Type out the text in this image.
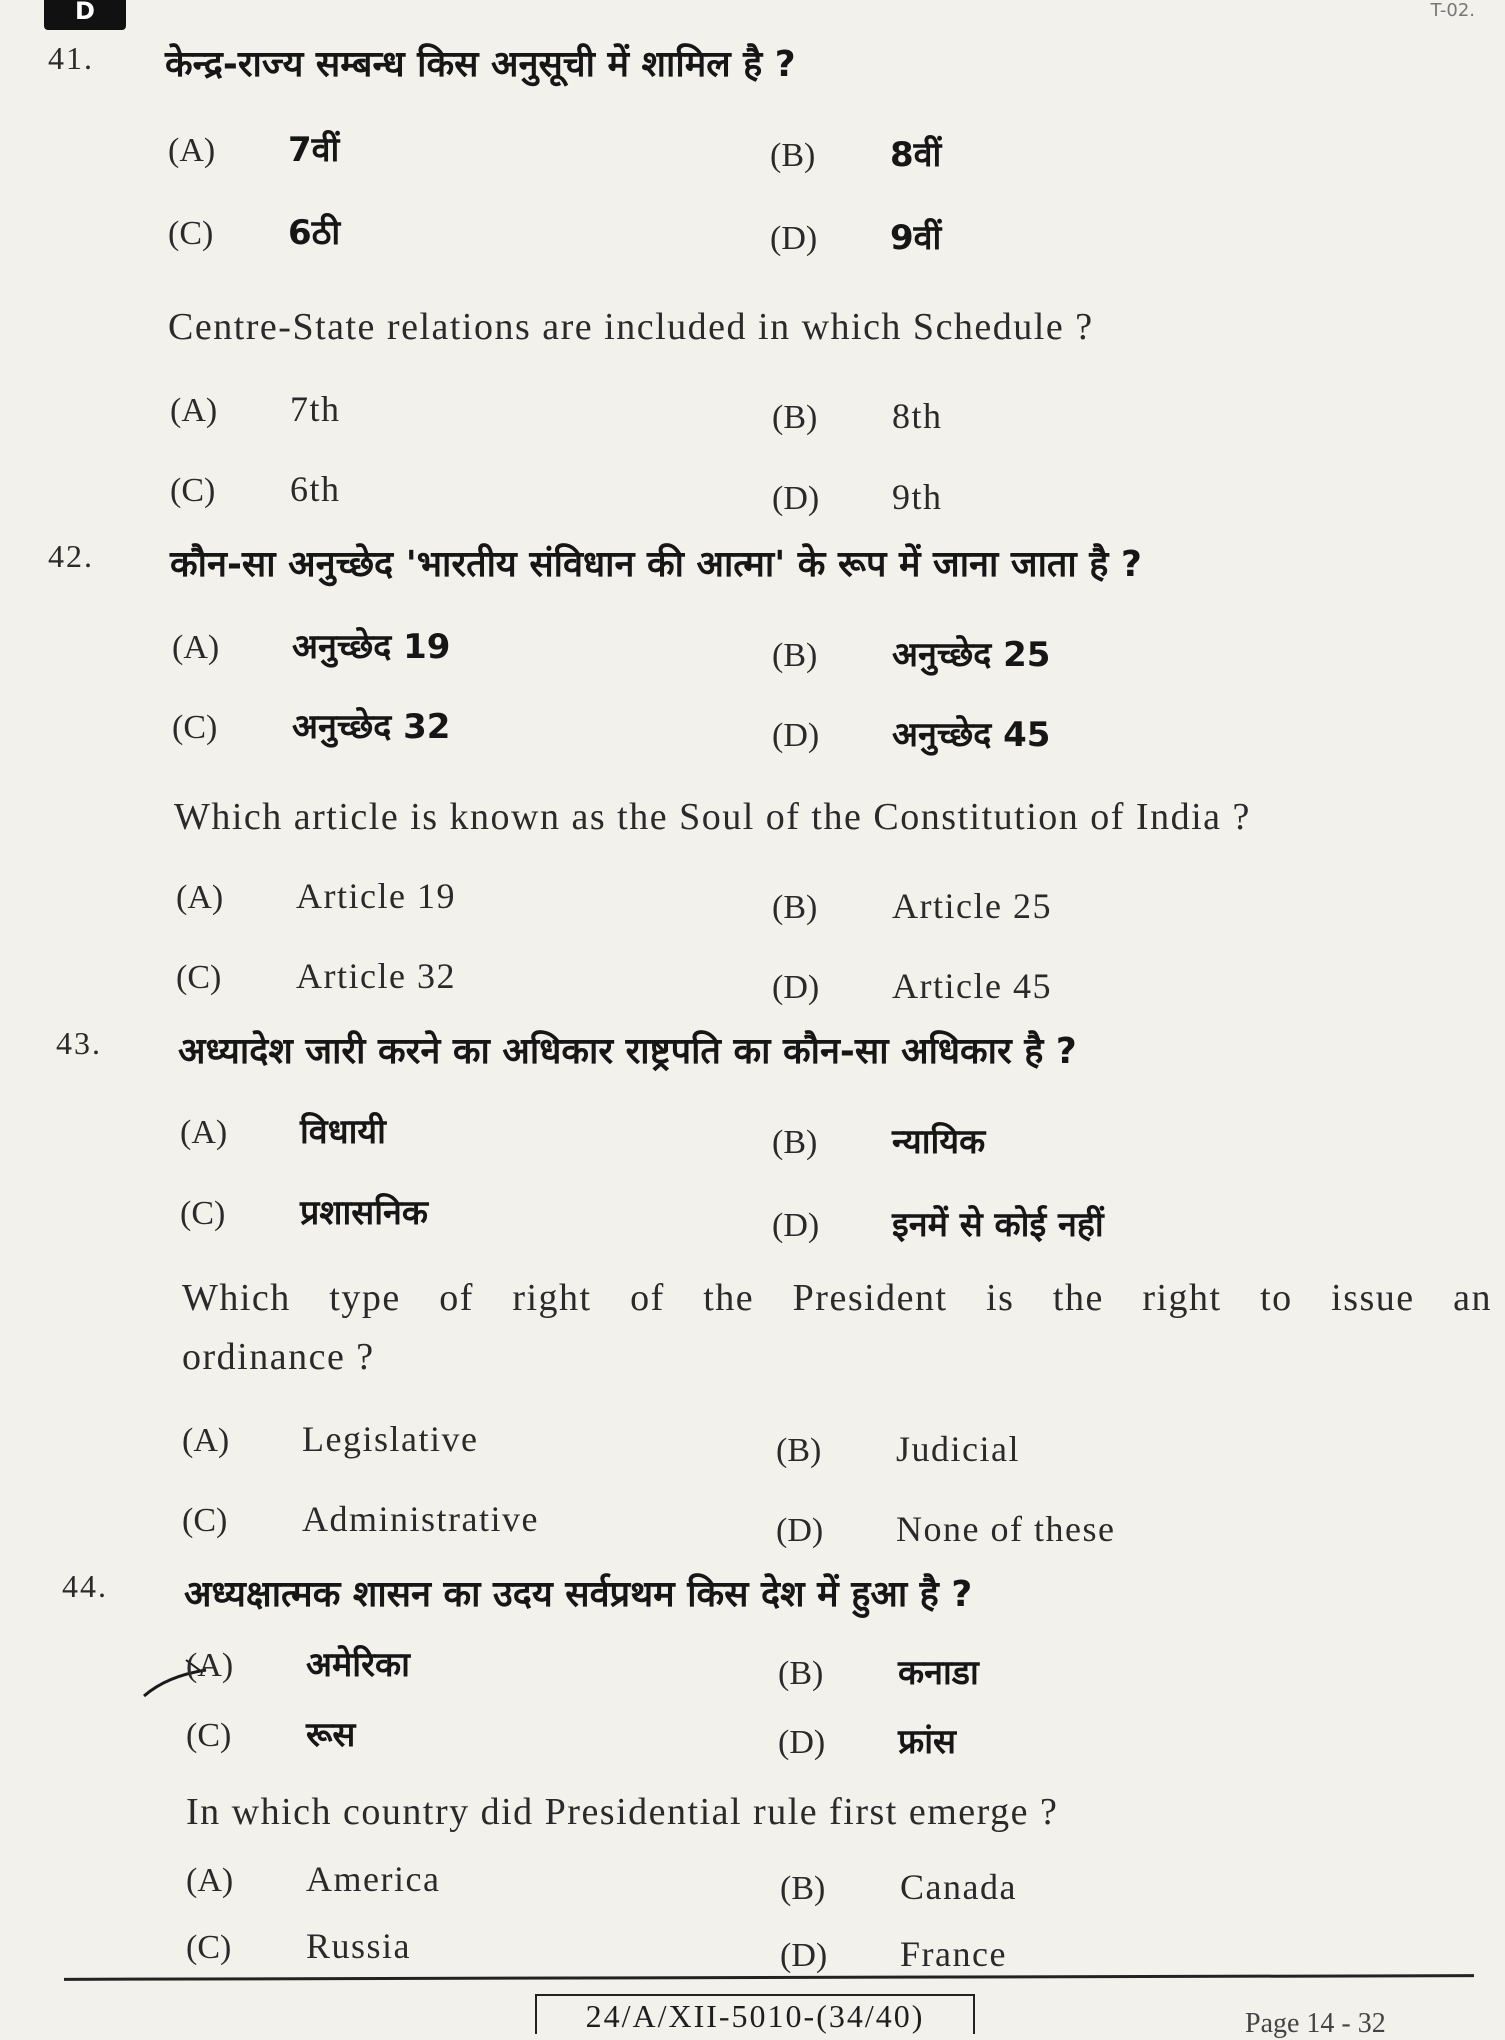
D	T-02.
41. केन्द्र-राज्य सम्बन्ध किस अनुसूची में शामिल है ?
(A) 7वीं	(B) 8वीं
(C) 6ठी	(D) 9वीं
Centre-State relations are included in which Schedule ?
(A) 7th	(B) 8th
(C) 6th	(D) 9th
42. कौन-सा अनुच्छेद 'भारतीय संविधान की आत्मा' के रूप में जाना जाता है ?
(A) अनुच्छेद 19	(B) अनुच्छेद 25
(C) अनुच्छेद 32	(D) अनुच्छेद 45
Which article is known as the Soul of the Constitution of India ?
(A) Article 19	(B) Article 25
(C) Article 32	(D) Article 45
43. अध्यादेश जारी करने का अधिकार राष्ट्रपति का कौन-सा अधिकार है ?
(A) विधायी	(B) न्यायिक
(C) प्रशासनिक	(D) इनमें से कोई नहीं
Which type of right of the President is the right to issue an
ordinance ?
(A) Legislative	(B) Judicial
(C) Administrative	(D) None of these
44. अध्यक्षात्मक शासन का उदय सर्वप्रथम किस देश में हुआ है ?
(A) अमेरिका	(B) कनाडा
(C) रूस	(D) फ्रांस
In which country did Presidential rule first emerge ?
(A) America	(B) Canada
(C) Russia	(D) France
24/A/XII-5010-(34/40)	Page 14 - 32
